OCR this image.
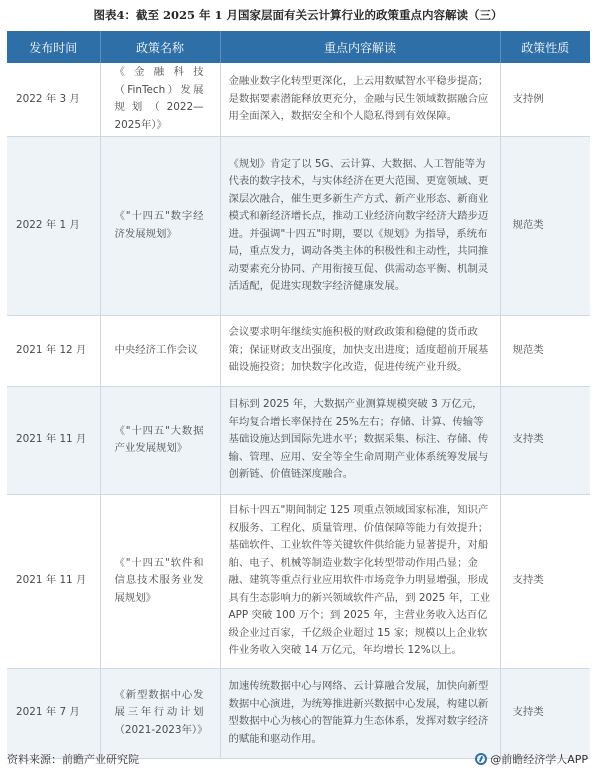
图表4：截至 2025 年 1 月国家层面有关云计算行业的政策重点内容解读（三）
发布时间	政策名称	重点内容解读	政策性质
2022 年 3 月	《金融科技（FinTech）发展规划（2022—2025年）》	金融业数字化转型更深化，上云用数赋智水平稳步提高；是数据要素潜能释放更充分，金融与民生领域数据融合应用全面深入，数据安全和个人隐私得到有效保障。	支持例
2022 年 1 月	《"十四五"数字经济发展规划》	《规划》肯定了以 5G、云计算、大数据、人工智能等为代表的数字技术，与实体经济在更大范围、更宽领域、更深层次融合，催生更多新生产方式、新产业形态、新商业模式和新经济增长点，推动工业经济向数字经济大踏步迈进。并强调"十四五"时期，要以《规划》为指导，系统布局，重点发力，调动各类主体的积极性和主动性，共同推动要素充分协同、产用衔接互促、供需动态平衡、机制灵活适配，促进实现数字经济健康发展。	规范类
2021 年 12 月	中央经济工作会议	会议要求明年继续实施积极的财政政策和稳健的货币政策；保证财政支出强度，加快支出进度；适度超前开展基础设施投资；加快数字化改造，促进传统产业升级。	规范类
2021 年 11 月	《"十四五"大数据产业发展规划》	目标到 2025 年，大数据产业测算规模突破 3 万亿元，年均复合增长率保持在 25%左右；存储、计算、传输等基础设施达到国际先进水平；数据采集、标注、存储、传输、管理、应用、安全等全生命周期产业体系统筹发展与创新链、价值链深度融合。	支持类
2021 年 11 月	《"十四五"软件和信息技术服务业发展规划》	目标十四五"期间制定 125 项重点领域国家标准，知识产权服务、工程化、质量管理、价值保障等能力有效提升；基础软件、工业软件等关键软件供给能力显著提升，对船舶、电子、机械等制造业数字化转型带动作用凸显；金融、建筑等重点行业应用软件市场竞争力明显增强，形成具有生态影响力的新兴领域软件产品，到 2025 年，工业 APP 突破 100 万个；到 2025 年，主营业务收入达百亿级企业过百家，千亿级企业超过 15 家；规模以上企业软件业务收入突破 14 万亿元，年均增长 12%以上。	支持类
2021 年 7 月	《新型数据中心发展三年行动计划（2021-2023年）》	加速传统数据中心与网络、云计算融合发展，加快向新型数据中心演进，为统筹推进新兴数据中心发展，构建以新型数据中心为核心的智能算力生态体系，发挥对数字经济的赋能和驱动作用。	支持类
资料来源：前瞻产业研究院	@前瞻经济学人APP
